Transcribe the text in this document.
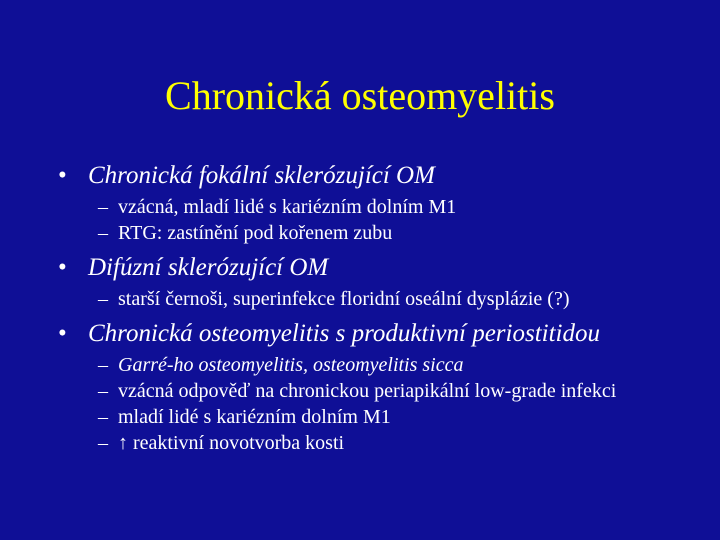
Chronická osteomyelitis
• Chronická fokální sklerózující OM
– vzácná, mladí lidé s kariézním dolním M1
– RTG: zastínění pod kořenem zubu
• Difúzní sklerózující OM
– starší černoši, superinfekce floridní oseální dysplázie (?)
• Chronická osteomyelitis s produktivní periostitidou
– Garré-ho osteomyelitis, osteomyelitis sicca
– vzácná odpověď na chronickou periapikální low-grade infekci
– mladí lidé s kariézním dolním M1
– ↑ reaktivní novotvorba kosti
